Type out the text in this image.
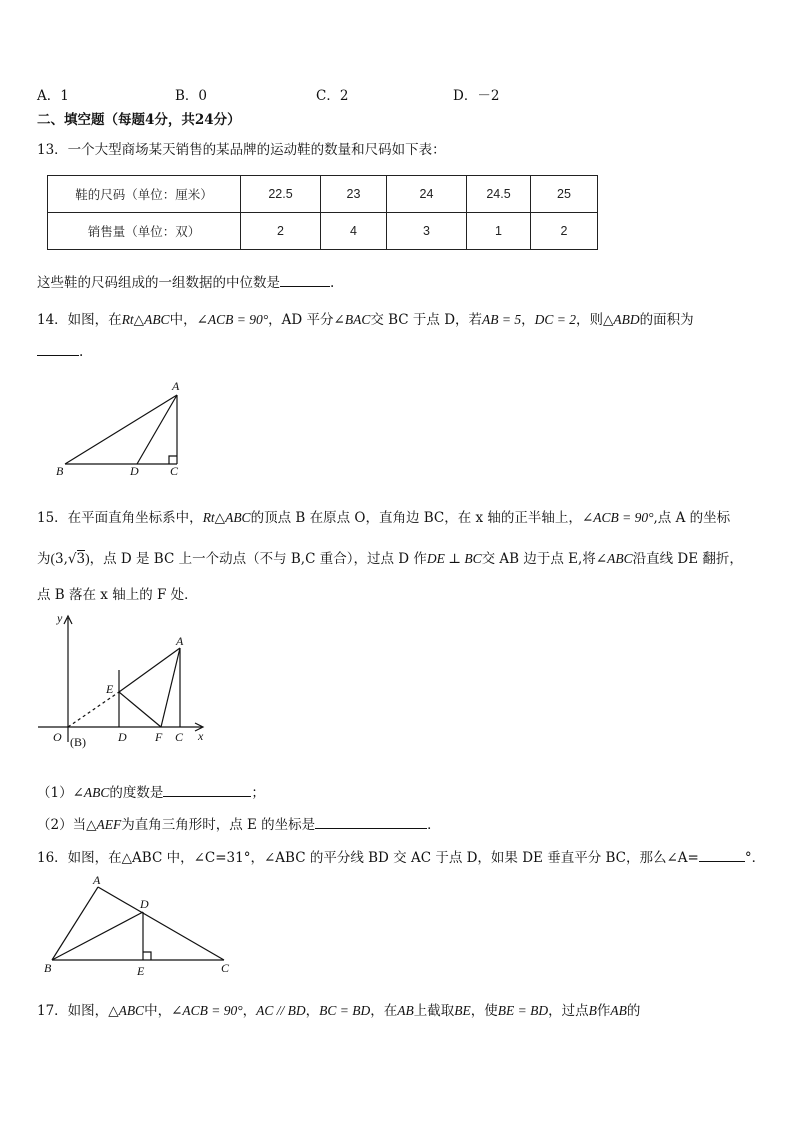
A．1	B．0	C．2	D．－2
二、填空题（每题4分，共24分）
13．一个大型商场某天销售的某品牌的运动鞋的数量和尺码如下表：
鞋的尺码（单位：厘米）	22.5	23	24	24.5	25
销售量（单位：双）	2	4	3	1	2
这些鞋的尺码组成的一组数据的中位数是	.
14．如图，在Rt△ABC中，∠ACB = 90°，AD 平分∠BAC交 BC 于点 D，若AB = 5，DC = 2，则△ABD的面积为
.
A
B	D	C
15．在平面直角坐标系中，Rt△ABC的顶点 B 在原点 O，直角边 BC，在 x 轴的正半轴上，∠ACB = 90°,点 A 的坐标
为(3,√3)，点 D 是 BC 上一个动点（不与 B,C 重合），过点 D 作DE ⊥ BC交 AB 边于点 E,将∠ABC沿直线 DE 翻折，
点 B 落在 x 轴上的 F 处．
y
A
E
O (B)	D F C x
（1）∠ABC的度数是	；
（2）当△AEF为直角三角形时，点 E 的坐标是	．
16．如图，在△ABC 中，∠C=31°，∠ABC 的平分线 BD 交 AC 于点 D，如果 DE 垂直平分 BC，那么∠A=	°．
A
D
B	E	C
17．如图，△ABC中，∠ACB = 90°，AC // BD，BC = BD，在AB上截取BE，使BE = BD，过点B作AB的
